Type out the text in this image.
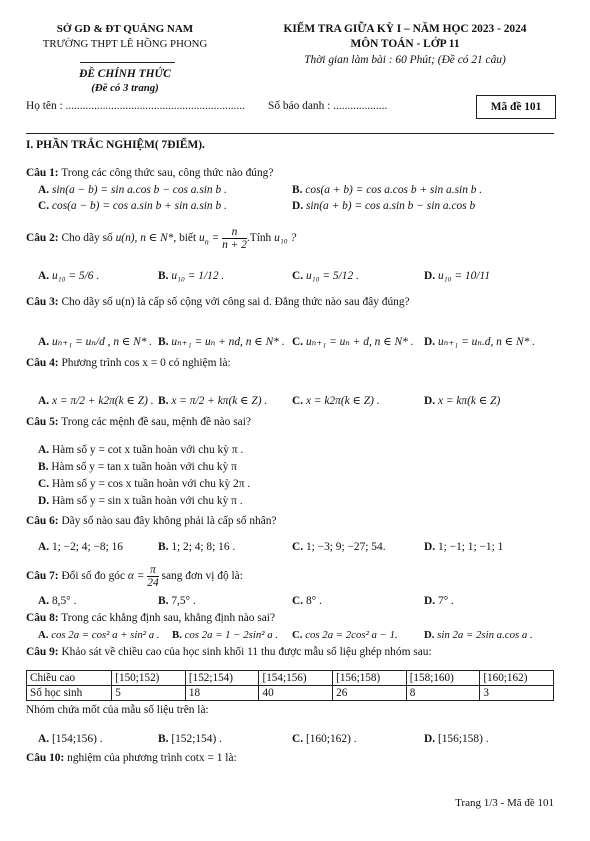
SỞ GD & ĐT QUẢNG NAM
TRƯỜNG THPT LÊ HỒNG PHONG
ĐỀ CHÍNH THỨC
(Đề có 3 trang)
KIỂM TRA GIỮA KỲ I – NĂM HỌC 2023 - 2024
MÔN TOÁN - LỚP 11
Thời gian làm bài : 60 Phút; (Đề có 21 câu)
Họ tên : ............................................................... Số báo danh : ...................	Mã đề 101
I. PHẦN TRẮC NGHIỆM( 7ĐIỂM).
Câu 1: Trong các công thức sau, công thức nào đúng?
A. sin(a − b) = sin a.cos b − cos a.sin b .	B. cos(a + b) = cos a.cos b + sin a.sin b .
C. cos(a − b) = cos a.sin b + sin a.sin b .	D. sin(a + b) = cos a.sin b − sin a.cos b
Câu 2: Cho dãy số u(n), n ∈ N*, biết $u_n = \frac{n}{n + 2}$ .Tính u₁₀ ?
A. u₁₀ = 5/6 .	B. u₁₀ = 1/12 .	C. u₁₀ = 5/12 .	D. u₁₀ = 10/11
Câu 3: Cho dãy số u(n) là cấp số cộng với công sai d. Đẳng thức nào sau đây đúng?
A. uₙ₊₁ = uₙ/d , n ∈ N* . B. uₙ₊₁ = uₙ + nd, n ∈ N* . C. uₙ₊₁ = uₙ + d, n ∈ N* . D. uₙ₊₁ = uₙ.d, n ∈ N* .
Câu 4: Phương trình cos x = 0 có nghiệm là:
A. x = π/2 + k2π(k ∈ Z) . B. x = π/2 + kπ(k ∈ Z) . C. x = k2π(k ∈ Z) .	D. x = kπ(k ∈ Z)
Câu 5: Trong các mệnh đề sau, mệnh đề nào sai?
A. Hàm số y = cot x tuần hoàn với chu kỳ π .
B. Hàm số y = tan x tuần hoàn với chu kỳ π
C. Hàm số y = cos x tuần hoàn với chu kỳ 2π .
D. Hàm số y = sin x tuần hoàn với chu kỳ π .
Câu 6: Dãy số nào sau đây không phải là cấp số nhân?
A. 1; −2; 4; −8; 16	B. 1; 2; 4; 8; 16 .	C. 1; −3; 9; −27; 54.	D. 1; −1; 1; −1; 1
Câu 7: Đổi số đo góc $\alpha = \frac{\pi}{24}$ sang đơn vị độ là:
A. 8,5° .	B. 7,5° .	C. 8° .	D. 7° .
Câu 8: Trong các khẳng định sau, khẳng định nào sai?
A. cos 2a = cos² a + sin² a . B. cos 2a = 1 − 2sin² a . C. cos 2a = 2cos² a − 1. D. sin 2a = 2sin a.cos a .
Câu 9: Khảo sát về chiều cao của học sinh khối 11 thu được mẫu số liệu ghép nhóm sau:
Chiều cao	[150;152)	[152;154)	[154;156)	[156;158)	[158;160)	[160;162)
Số học sinh	5	18	40	26	8	3
Nhóm chứa mốt của mẫu số liệu trên là:
A. [154;156) .	B. [152;154) .	C. [160;162) .	D. [156;158) .
Câu 10: nghiệm của phương trình cotx = 1 là:
Trang 1/3 - Mã đề 101
